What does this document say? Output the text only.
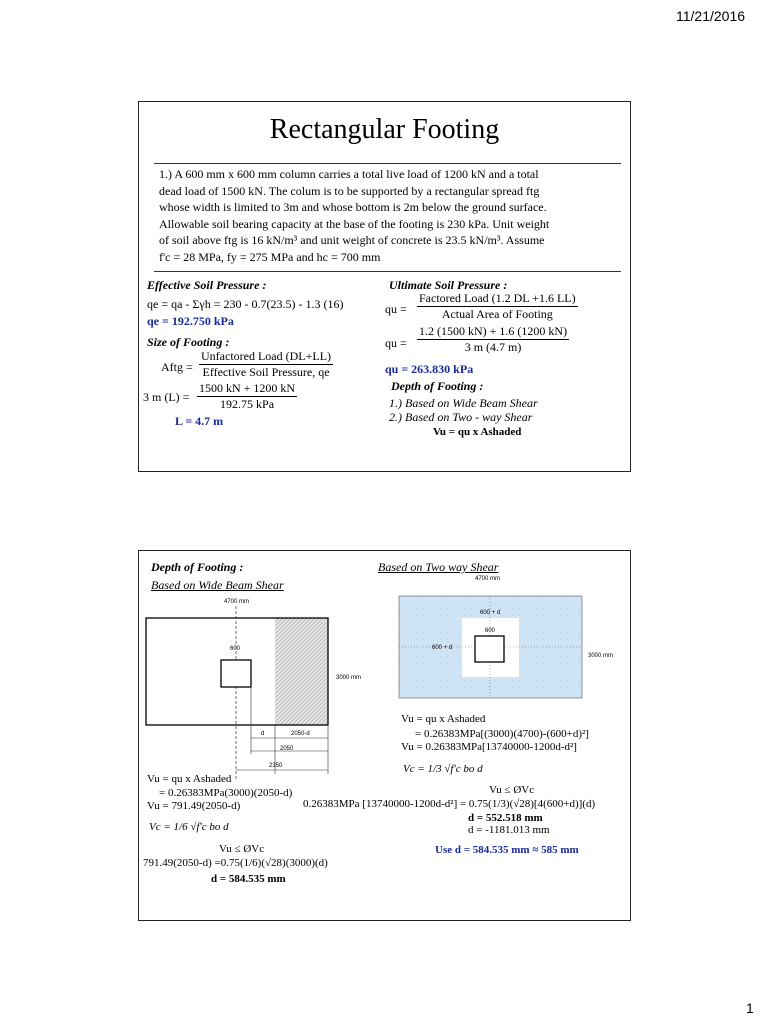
11/21/2016
Rectangular Footing
1.) A 600 mm x 600 mm column carries a total live load of 1200 kN and a total
dead load of 1500 kN. The colum is to be supported by a rectangular spread ftg
whose width is limited to 3m and whose bottom is 2m below the ground surface.
Allowable soil bearing capacity at the base of the footing is 230 kPa. Unit weight
of soil above ftg is 16 kN/m³ and unit weight of concrete is 23.5 kN/m³. Assume
f'c = 28 MPa, fy = 275 MPa and hc = 700 mm
Effective Soil Pressure :
qe = qa - Σγh = 230 - 0.7(23.5) - 1.3 (16)
qe = 192.750 kPa
Size of Footing :
Aftg =
Unfactored Load (DL+LL)
Effective Soil Pressure, qe
3 m (L) =
1500 kN + 1200 kN
192.75 kPa
L = 4.7 m
Ultimate Soil Pressure :
qu =
Factored Load (1.2 DL +1.6 LL)
Actual Area of Footing
qu = $\frac{1.2 (1500 kN) + 1.6 (1200 kN)}{3 m (4.7 m)}$
qu = 263.830 kPa
Depth of Footing :
1.) Based on Wide Beam Shear
2.) Based on Two - way Shear
Vu = qu x Ashaded
Depth of Footing :
Based on Wide Beam Shear
Based on Two way Shear
4700 mm
600
3000 mm
d	2050-d
2050
2350
4700 mm
600 + d
600
600 + d
3000 mm
Vu = qu x Ashaded
= 0.26383MPa[(3000)(4700)-(600+d)²]
Vu = 0.26383MPa[13740000-1200d-d²]
Vc = 1/3 √f'c bo d
Vu ≤ ØVc
0.26383MPa [13740000-1200d-d²] = 0.75(1/3)(√28)[4(600+d)](d)
d = 552.518 mm
d = -1181.013 mm
Use d = 584.535 mm ≈ 585 mm
Vu = qu x Ashaded
= 0.26383MPa(3000)(2050-d)
Vu = 791.49(2050-d)
Vc = 1/6 √f'c bo d
Vu ≤ ØVc
791.49(2050-d) =0.75(1/6)(√28)(3000)(d)
d = 584.535 mm
1
